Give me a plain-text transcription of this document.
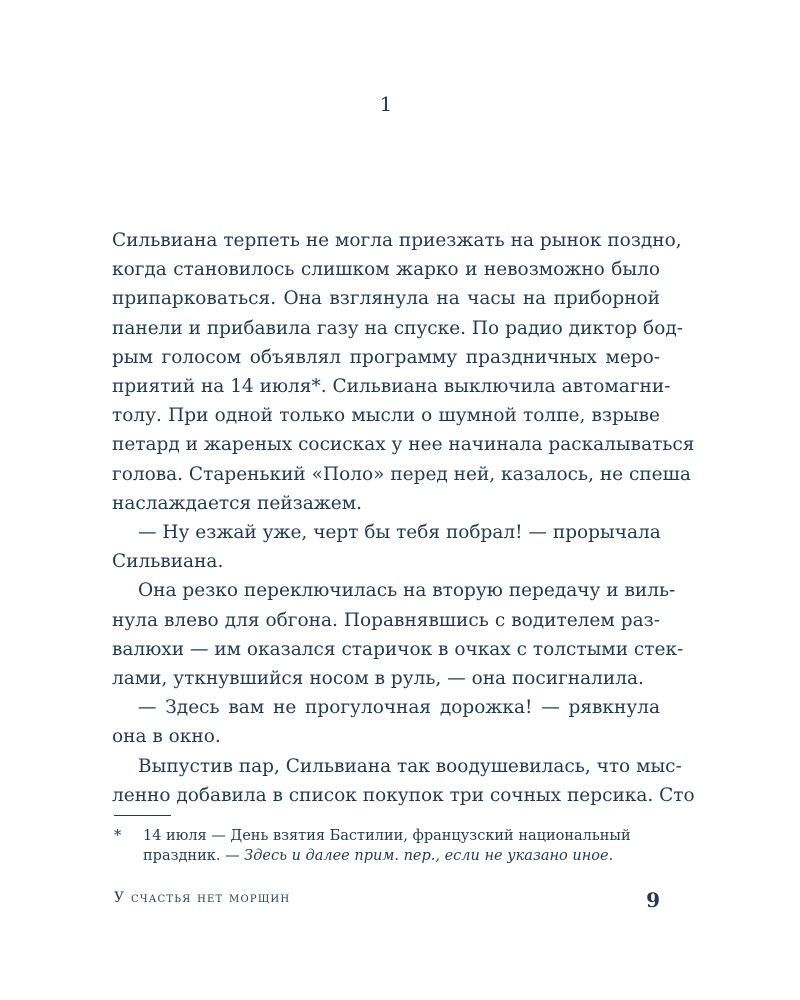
1
Сильвиана терпеть не могла приезжать на рынок поздно,
когда становилось слишком жарко и невозможно было
припарковаться. Она взглянула на часы на приборной
панели и прибавила газу на спуске. По радио диктор бод-
рым голосом объявлял программу праздничных меро-
приятий на 14 июля*. Сильвиана выключила автомагни-
толу. При одной только мысли о шумной толпе, взрыве
петард и жареных сосисках у нее начинала раскалываться
голова. Старенький «Поло» перед ней, казалось, не спеша
наслаждается пейзажем.
— Ну езжай уже, черт бы тебя побрал! — прорычала
Сильвиана.
Она резко переключилась на вторую передачу и виль-
нула влево для обгона. Поравнявшись с водителем раз-
валюхи — им оказался старичок в очках с толстыми стек-
лами, уткнувшийся носом в руль, — она посигналила.
— Здесь вам не прогулочная дорожка! — рявкнула
она в окно.
Выпустив пар, Сильвиана так воодушевилась, что мыс-
ленно добавила в список покупок три сочных персика. Сто
* 14 июля — День взятия Бастилии, французский национальный
праздник. — Здесь и далее прим. пер., если не указано иное.
У счастья нет морщин	9
